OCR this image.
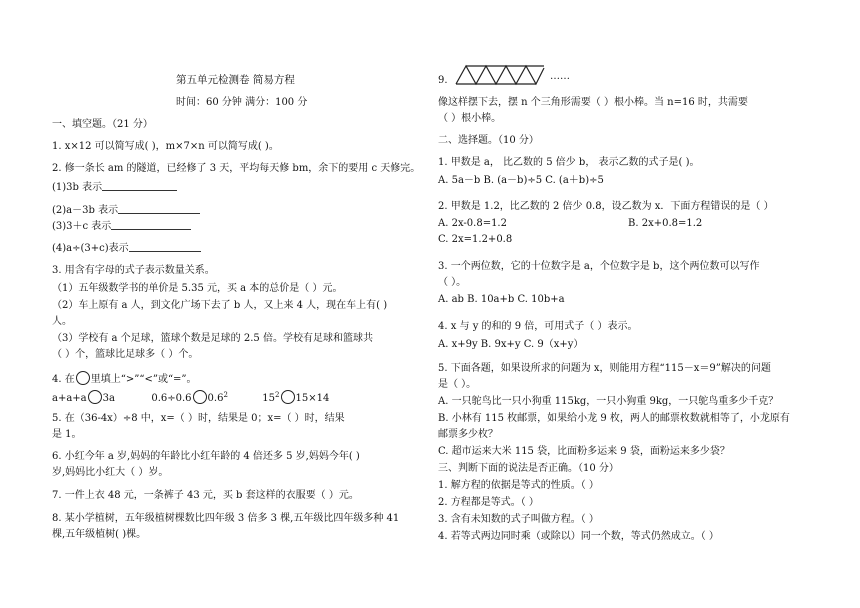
第五单元检测卷 简易方程
时间：60 分钟 满分：100 分
一、填空题。（21 分）
1. x×12 可以简写成( )，m×7×n 可以简写成( )。
2. 修一条长 am 的隧道，已经修了 3 天，平均每天修 bm，余下的要用 c 天修完。
(1)3b 表示
(2)a－3b 表示
(3)3＋c 表示
(4)a÷(3+c)表示
3. 用含有字母的式子表示数量关系。
（1）五年级数学书的单价是 5.35 元，买 a 本的总价是（ ）元。
（2）车上原有 a 人，到文化广场下去了 b 人，又上来 4 人，现在车上有( )
人。
（3）学校有 a 个足球，篮球个数是足球的 2.5 倍。学校有足球和篮球共
（ ）个，篮球比足球多（ ）个。
4. 在 里填上“>”“<”或“=”。
a+a+a 3a	0.6÷0.6 $0.6^2$	$15^2$ 15×14
5. 在（36-4x）÷8 中，x=（ ）时，结果是 0；x=（ ）时，结果
是 1。
6. 小红今年 a 岁,妈妈的年龄比小红年龄的 4 倍还多 5 岁,妈妈今年( )
岁,妈妈比小红大（ ）岁。
7. 一件上衣 48 元，一条裤子 43 元，买 b 套这样的衣服要（ ）元。
8. 某小学植树，五年级植树棵数比四年级 3 倍多 3 棵,五年级比四年级多种 41
棵,五年级植树( )棵。
9.	……
像这样摆下去，摆 n 个三角形需要（ ）根小棒。当 n=16 时，共需要
（ ）根小棒。
二、选择题。（10 分）
1. 甲数是 a， 比乙数的 5 倍少 b， 表示乙数的式子是( )。
A. 5a－b B. (a－b)÷5 C. (a＋b)÷5
2. 甲数是 1.2，比乙数的 2 倍少 0.8，设乙数为 x．下面方程错误的是（ ）
A. 2x-0.8=1.2	B. 2x+0.8=1.2
C. 2x=1.2+0.8
3. 一个两位数，它的十位数字是 a，个位数字是 b，这个两位数可以写作
（ ）。
A. ab B. 10a+b C. 10b+a
4. x 与 y 的和的 9 倍，可用式子（ ）表示。
A. x+9y B. 9x+y C. 9（x+y）
5. 下面各题，如果设所求的问题为 x，则能用方程“115－x＝9”解决的问题
是（ ）。
A. 一只鸵鸟比一只小狗重 115kg，一只小狗重 9kg，一只鸵鸟重多少千克？
B. 小林有 115 枚邮票，如果给小龙 9 枚，两人的邮票枚数就相等了，小龙原有
邮票多少枚？
C. 超市运来大米 115 袋，比面粉多运来 9 袋，面粉运来多少袋？
三、判断下面的说法是否正确。（10 分）
1. 解方程的依据是等式的性质。（ ）
2. 方程都是等式。（ ）
3. 含有未知数的式子叫做方程。（ ）
4. 若等式两边同时乘（或除以）同一个数，等式仍然成立。（ ）
